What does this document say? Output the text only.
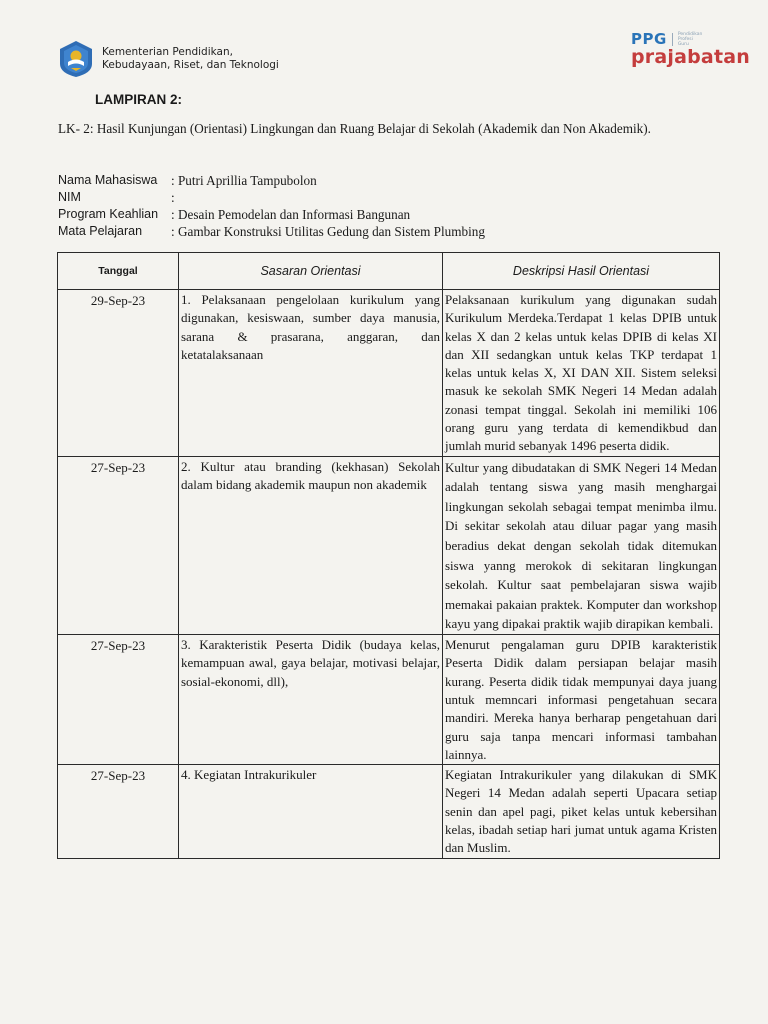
Kementerian Pendidikan,
Kebudayaan, Riset, dan Teknologi
PPG Pendidikan
Profesi
Guru
prajabatan
LAMPIRAN 2:
LK- 2: Hasil Kunjungan (Orientasi) Lingkungan dan Ruang Belajar di Sekolah (Akademik dan Non Akademik).
Nama Mahasiswa	: Putri Aprillia Tampubolon
NIM	:
Program Keahlian : Desain Pemodelan dan Informasi Bangunan
Mata Pelajaran	: Gambar Konstruksi Utilitas Gedung dan Sistem Plumbing
Tanggal	Sasaran Orientasi	Deskripsi Hasil Orientasi
29-Sep-23	1. Pelaksanaan pengelolaan kurikulum yang digunakan, kesiswaan, sumber daya manusia, sarana & prasarana, anggaran, dan ketatalaksanaan	Pelaksanaan kurikulum yang digunakan sudah Kurikulum Merdeka.Terdapat 1 kelas DPIB untuk kelas X dan 2 kelas untuk kelas DPIB di kelas XI dan XII sedangkan untuk kelas TKP terdapat 1 kelas untuk kelas X, XI DAN XII. Sistem seleksi masuk ke sekolah SMK Negeri 14 Medan adalah zonasi tempat tinggal. Sekolah ini memiliki 106 orang guru yang terdata di kemendikbud dan jumlah murid sebanyak 1496 peserta didik.
27-Sep-23	2. Kultur atau branding (kekhasan) Sekolah dalam bidang akademik maupun non akademik	Kultur yang dibudatakan di SMK Negeri 14 Medan adalah tentang siswa yang masih menghargai lingkungan sekolah sebagai tempat menimba ilmu. Di sekitar sekolah atau diluar pagar yang masih beradius dekat dengan sekolah tidak ditemukan siswa yanng merokok di sekitaran lingkungan sekolah. Kultur saat pembelajaran siswa wajib memakai pakaian praktek. Komputer dan workshop kayu yang dipakai praktik wajib dirapikan kembali.
27-Sep-23	3. Karakteristik Peserta Didik (budaya kelas, kemampuan awal, gaya belajar, motivasi belajar, sosial-ekonomi, dll),	Menurut pengalaman guru DPIB karakteristik Peserta Didik dalam persiapan belajar masih kurang. Peserta didik tidak mempunyai daya juang untuk memncari informasi pengetahuan secara mandiri. Mereka hanya berharap pengetahuan dari guru saja tanpa mencari informasi tambahan lainnya.
27-Sep-23	4. Kegiatan Intrakurikuler	Kegiatan Intrakurikuler yang dilakukan di SMK Negeri 14 Medan adalah seperti Upacara setiap senin dan apel pagi, piket kelas untuk kebersihan kelas, ibadah setiap hari jumat untuk agama Kristen dan Muslim.
